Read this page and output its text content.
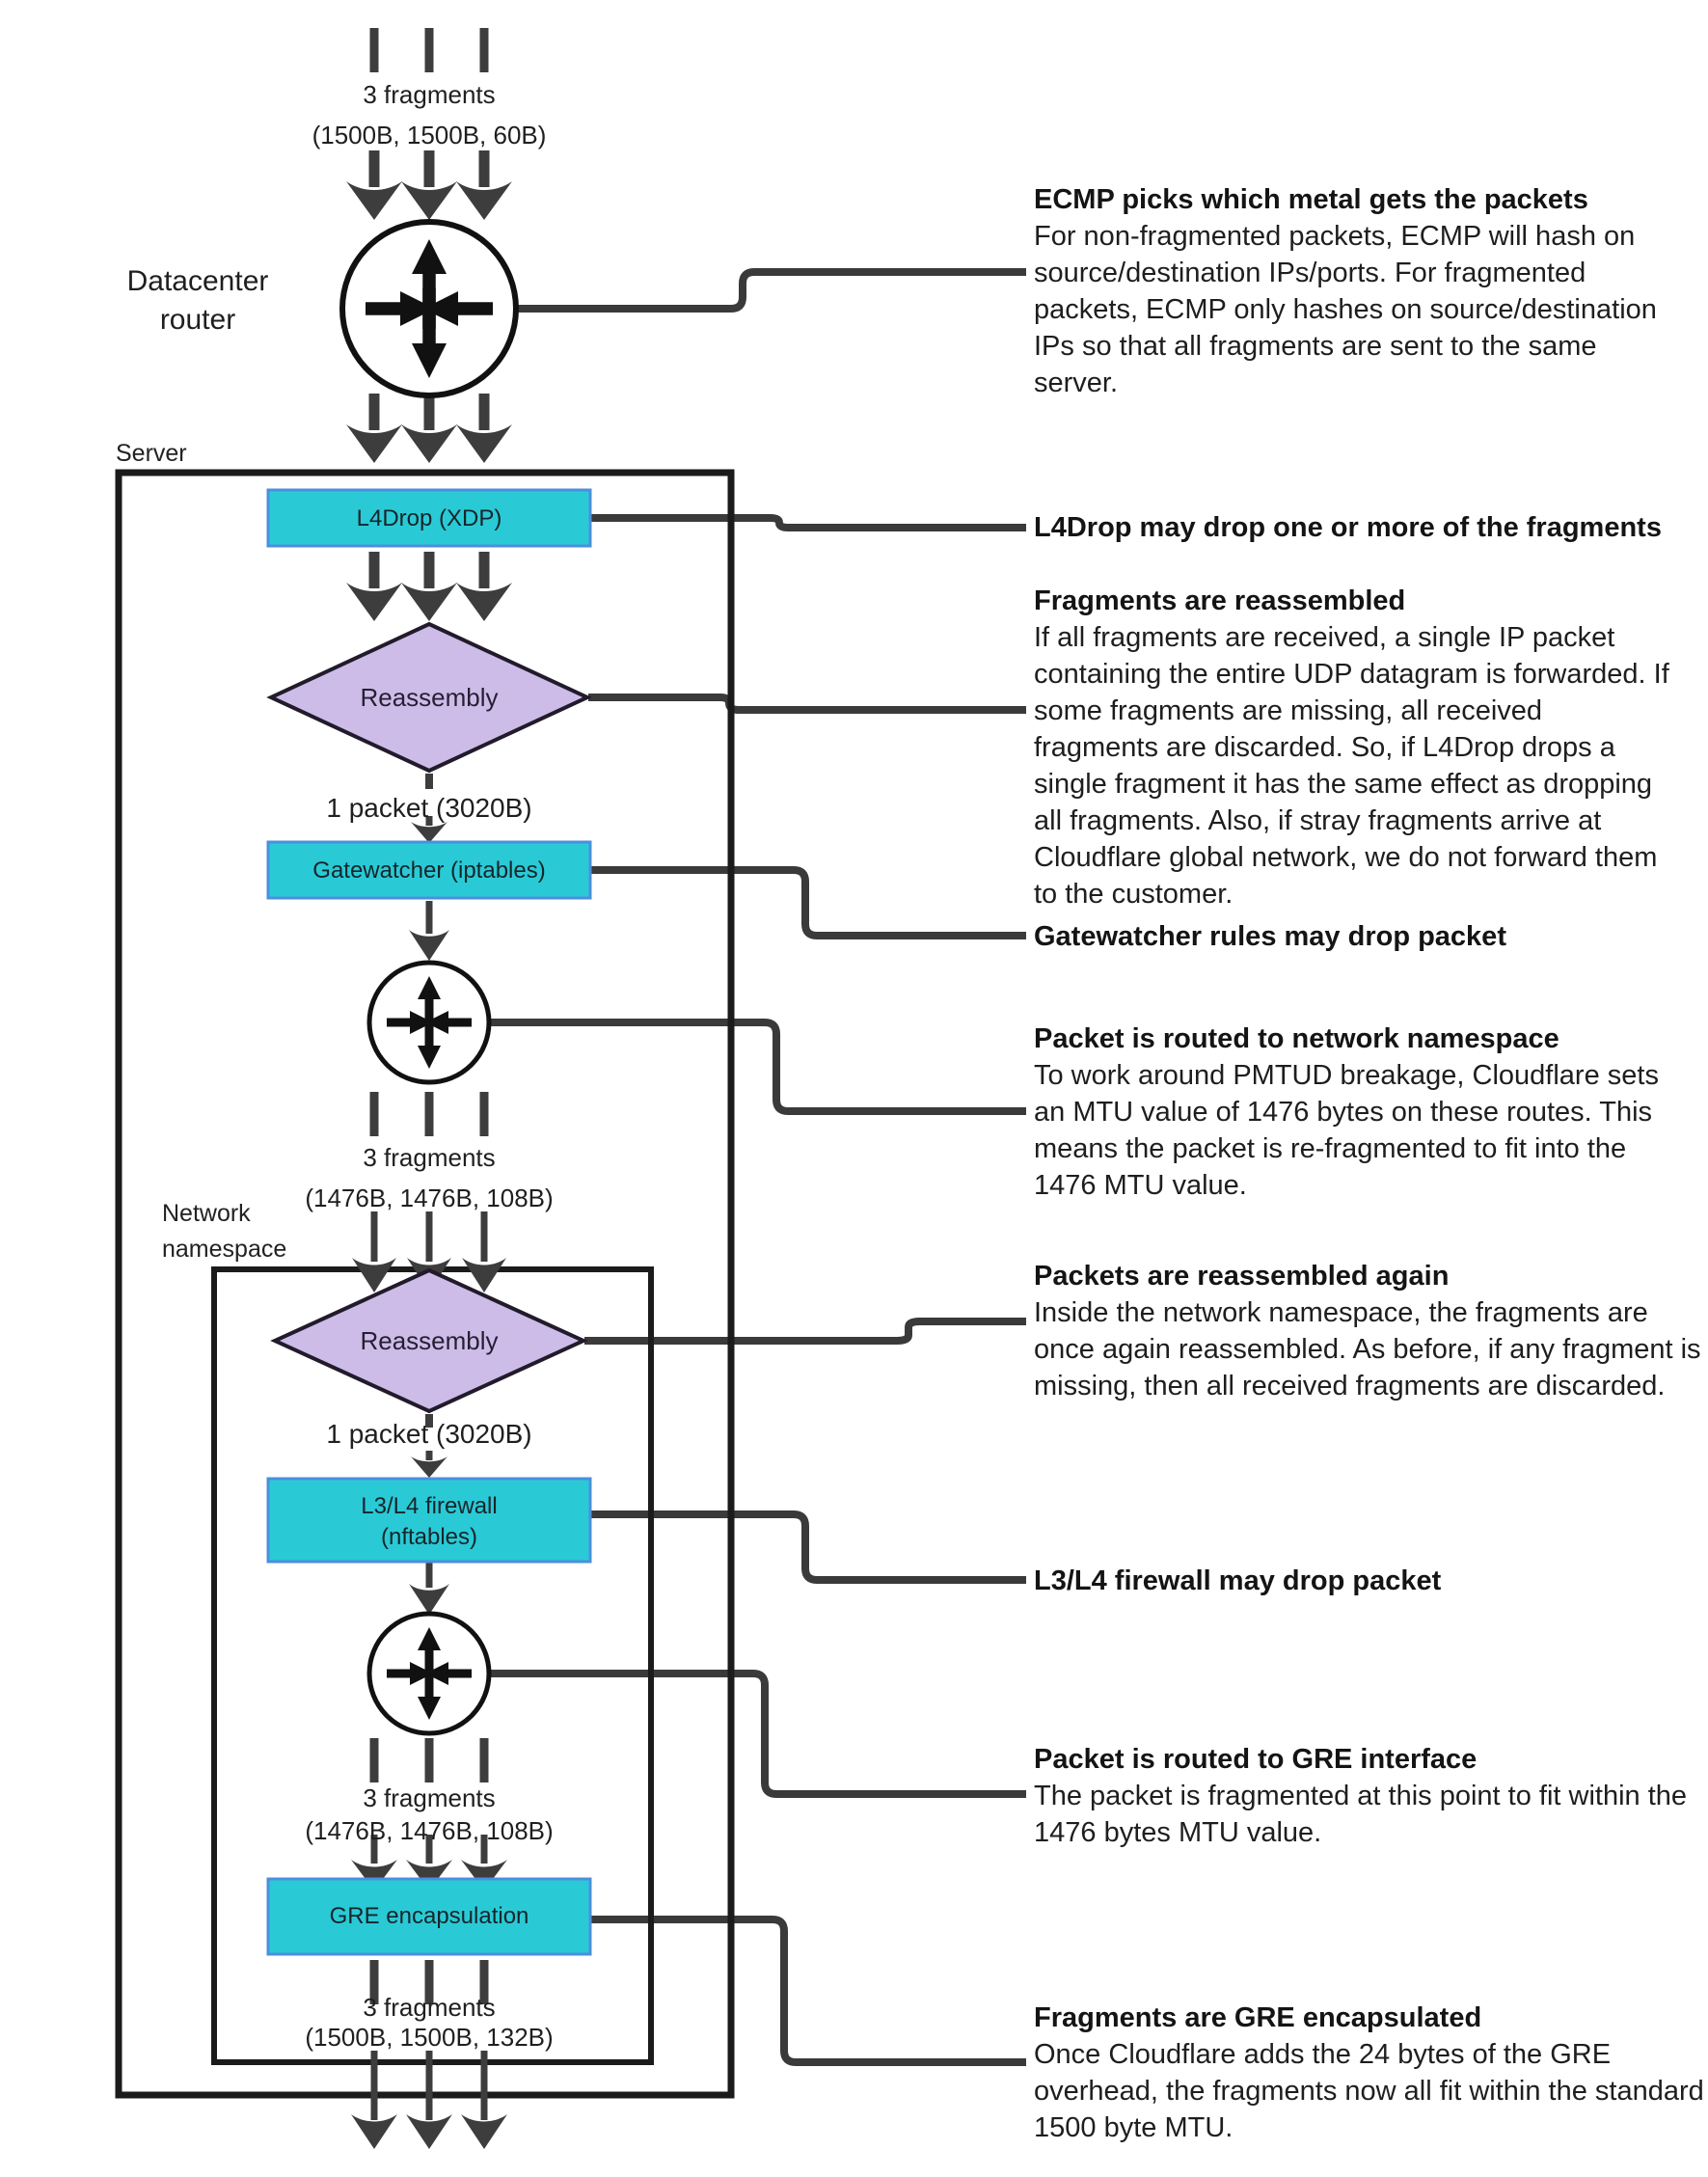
3 fragments
(1500B, 1500B, 60B)
Datacenter
router
Server
L4Drop (XDP)
Reassembly
1 packet (3020B)
Gatewatcher (iptables)
3 fragments
(1476B, 1476B, 108B)
Network
namespace
Reassembly
1 packet (3020B)
L3/L4 firewall
(nftables)
3 fragments
(1476B, 1476B, 108B)
GRE encapsulation
3 fragments
(1500B, 1500B, 132B)
ECMP picks which metal gets the packets
For non-fragmented packets, ECMP will hash on source/destination IPs/ports. For fragmented packets, ECMP only hashes on source/destination IPs so that all fragments are sent to the same server.
L4Drop may drop one or more of the fragments
Fragments are reassembled
If all fragments are received, a single IP packet containing the entire UDP datagram is forwarded. If some fragments are missing, all received fragments are discarded. So, if L4Drop drops a single fragment it has the same effect as dropping all fragments. Also, if stray fragments arrive at Cloudflare global network, we do not forward them to the customer.
Gatewatcher rules may drop packet
Packet is routed to network namespace
To work around PMTUD breakage, Cloudflare sets an MTU value of 1476 bytes on these routes. This means the packet is re-fragmented to fit into the 1476 MTU value.
Packets are reassembled again
Inside the network namespace, the fragments are once again reassembled. As before, if any fragment is missing, then all received fragments are discarded.
L3/L4 firewall may drop packet
Packet is routed to GRE interface
The packet is fragmented at this point to fit within the 1476 bytes MTU value.
Fragments are GRE encapsulated
Once Cloudflare adds the 24 bytes of the GRE overhead, the fragments now all fit within the standard 1500 byte MTU.
